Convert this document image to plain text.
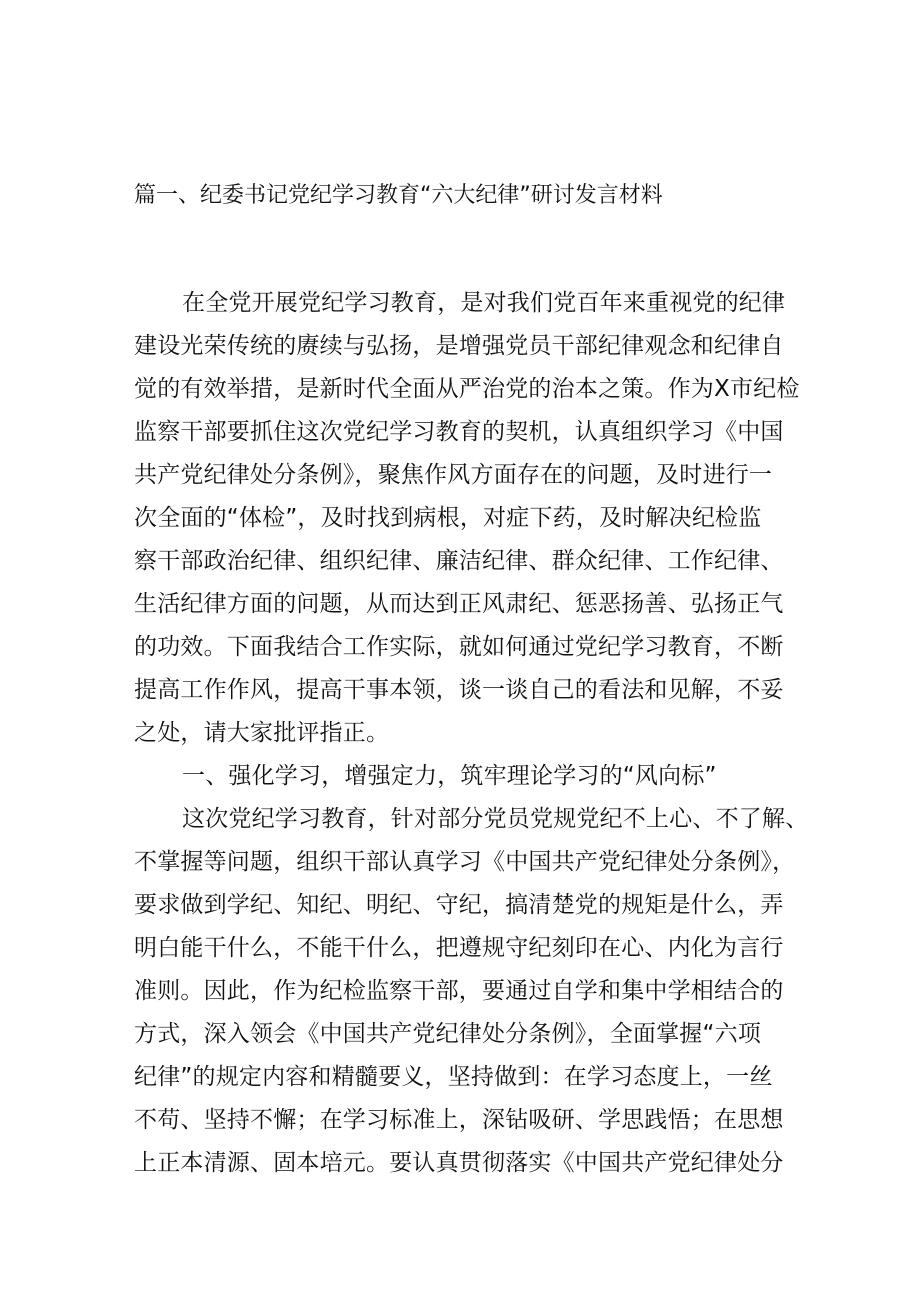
篇一、纪委书记党纪学习教育“六大纪律”研讨发言材料
在全党开展党纪学习教育，是对我们党百年来重视党的纪律
建设光荣传统的赓续与弘扬，是增强党员干部纪律观念和纪律自
觉的有效举措，是新时代全面从严治党的治本之策。作为X市纪检
监察干部要抓住这次党纪学习教育的契机，认真组织学习《中国
共产党纪律处分条例》，聚焦作风方面存在的问题，及时进行一
次全面的“体检”，及时找到病根，对症下药，及时解决纪检监
察干部政治纪律、组织纪律、廉洁纪律、群众纪律、工作纪律、
生活纪律方面的问题，从而达到正风肃纪、惩恶扬善、弘扬正气
的功效。下面我结合工作实际，就如何通过党纪学习教育，不断
提高工作作风，提高干事本领，谈一谈自己的看法和见解，不妥
之处，请大家批评指正。
一、强化学习，增强定力，筑牢理论学习的“风向标”
这次党纪学习教育，针对部分党员党规党纪不上心、不了解、
不掌握等问题，组织干部认真学习《中国共产党纪律处分条例》，
要求做到学纪、知纪、明纪、守纪，搞清楚党的规矩是什么，弄
明白能干什么，不能干什么，把遵规守纪刻印在心、内化为言行
准则。因此，作为纪检监察干部，要通过自学和集中学相结合的
方式，深入领会《中国共产党纪律处分条例》，全面掌握“六项
纪律”的规定内容和精髓要义，坚持做到：在学习态度上，一丝
不苟、坚持不懈；在学习标准上，深钻吸研、学思践悟；在思想
上正本清源、固本培元。要认真贯彻落实《中国共产党纪律处分
